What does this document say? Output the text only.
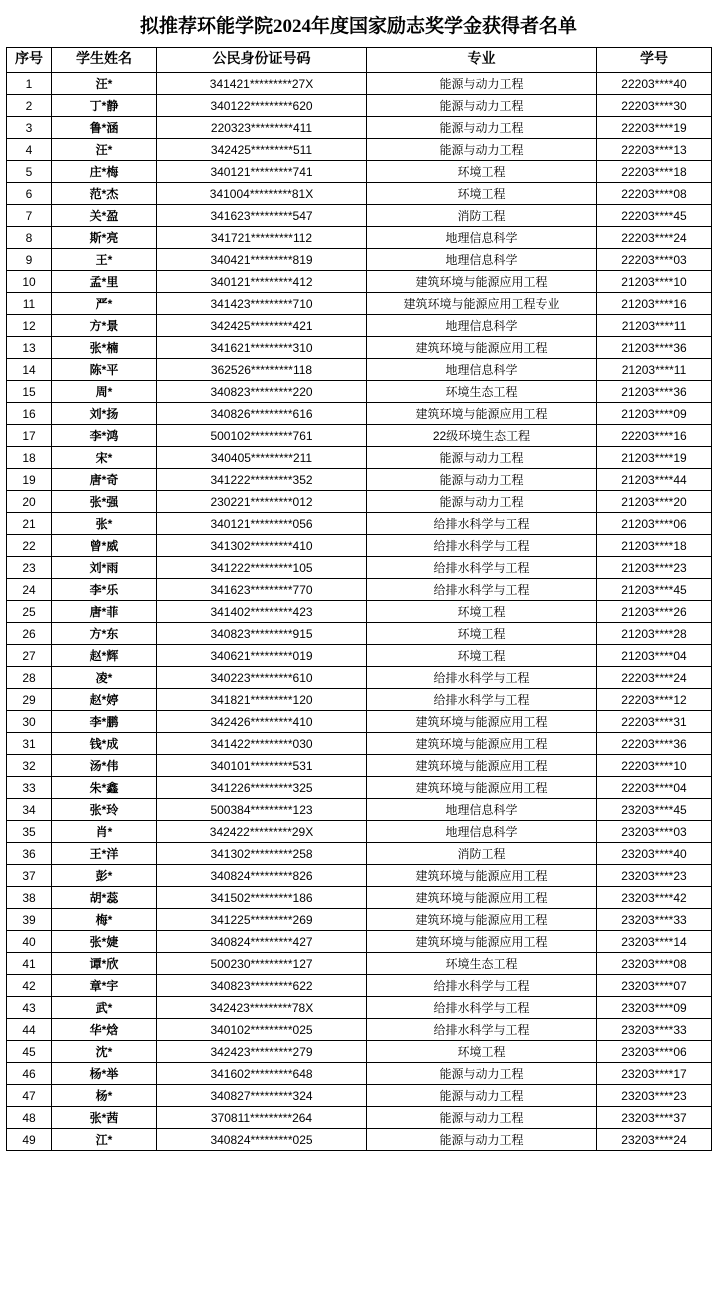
拟推荐环能学院2024年度国家励志奖学金获得者名单
序号	学生姓名	公民身份证号码	专业	学号
1	汪*	341421*********27X	能源与动力工程	22203****40
2	丁*静	340122*********620	能源与动力工程	22203****30
3	鲁*涵	220323*********411	能源与动力工程	22203****19
4	汪*	342425*********511	能源与动力工程	22203****13
5	庄*梅	340121*********741	环境工程	22203****18
6	范*杰	341004*********81X	环境工程	22203****08
7	关*盈	341623*********547	消防工程	22203****45
8	斯*亮	341721*********112	地理信息科学	22203****24
9	王*	340421*********819	地理信息科学	22203****03
10	孟*里	340121*********412	建筑环境与能源应用工程	21203****10
11	严*	341423*********710	建筑环境与能源应用工程专业	21203****16
12	方*景	342425*********421	地理信息科学	21203****11
13	张*楠	341621*********310	建筑环境与能源应用工程	21203****36
14	陈*平	362526*********118	地理信息科学	21203****11
15	周*	340823*********220	环境生态工程	21203****36
16	刘*扬	340826*********616	建筑环境与能源应用工程	21203****09
17	李*鸿	500102*********761	22级环境生态工程	22203****16
18	宋*	340405*********211	能源与动力工程	21203****19
19	唐*奇	341222*********352	能源与动力工程	21203****44
20	张*强	230221*********012	能源与动力工程	21203****20
21	张*	340121*********056	给排水科学与工程	21203****06
22	曾*威	341302*********410	给排水科学与工程	21203****18
23	刘*雨	341222*********105	给排水科学与工程	21203****23
24	李*乐	341623*********770	给排水科学与工程	21203****45
25	唐*菲	341402*********423	环境工程	21203****26
26	方*东	340823*********915	环境工程	21203****28
27	赵*辉	340621*********019	环境工程	21203****04
28	凌*	340223*********610	给排水科学与工程	22203****24
29	赵*婷	341821*********120	给排水科学与工程	22203****12
30	李*鹏	342426*********410	建筑环境与能源应用工程	22203****31
31	钱*成	341422*********030	建筑环境与能源应用工程	22203****36
32	汤*伟	340101*********531	建筑环境与能源应用工程	22203****10
33	朱*鑫	341226*********325	建筑环境与能源应用工程	22203****04
34	张*玲	500384*********123	地理信息科学	23203****45
35	肖*	342422*********29X	地理信息科学	23203****03
36	王*洋	341302*********258	消防工程	23203****40
37	彭*	340824*********826	建筑环境与能源应用工程	23203****23
38	胡*蕊	341502*********186	建筑环境与能源应用工程	23203****42
39	梅*	341225*********269	建筑环境与能源应用工程	23203****33
40	张*婕	340824*********427	建筑环境与能源应用工程	23203****14
41	谭*欣	500230*********127	环境生态工程	23203****08
42	章*宇	340823*********622	给排水科学与工程	23203****07
43	武*	342423*********78X	给排水科学与工程	23203****09
44	华*焓	340102*********025	给排水科学与工程	23203****33
45	沈*	342423*********279	环境工程	23203****06
46	杨*举	341602*********648	能源与动力工程	23203****17
47	杨*	340827*********324	能源与动力工程	23203****23
48	张*茜	370811*********264	能源与动力工程	23203****37
49	江*	340824*********025	能源与动力工程	23203****24
